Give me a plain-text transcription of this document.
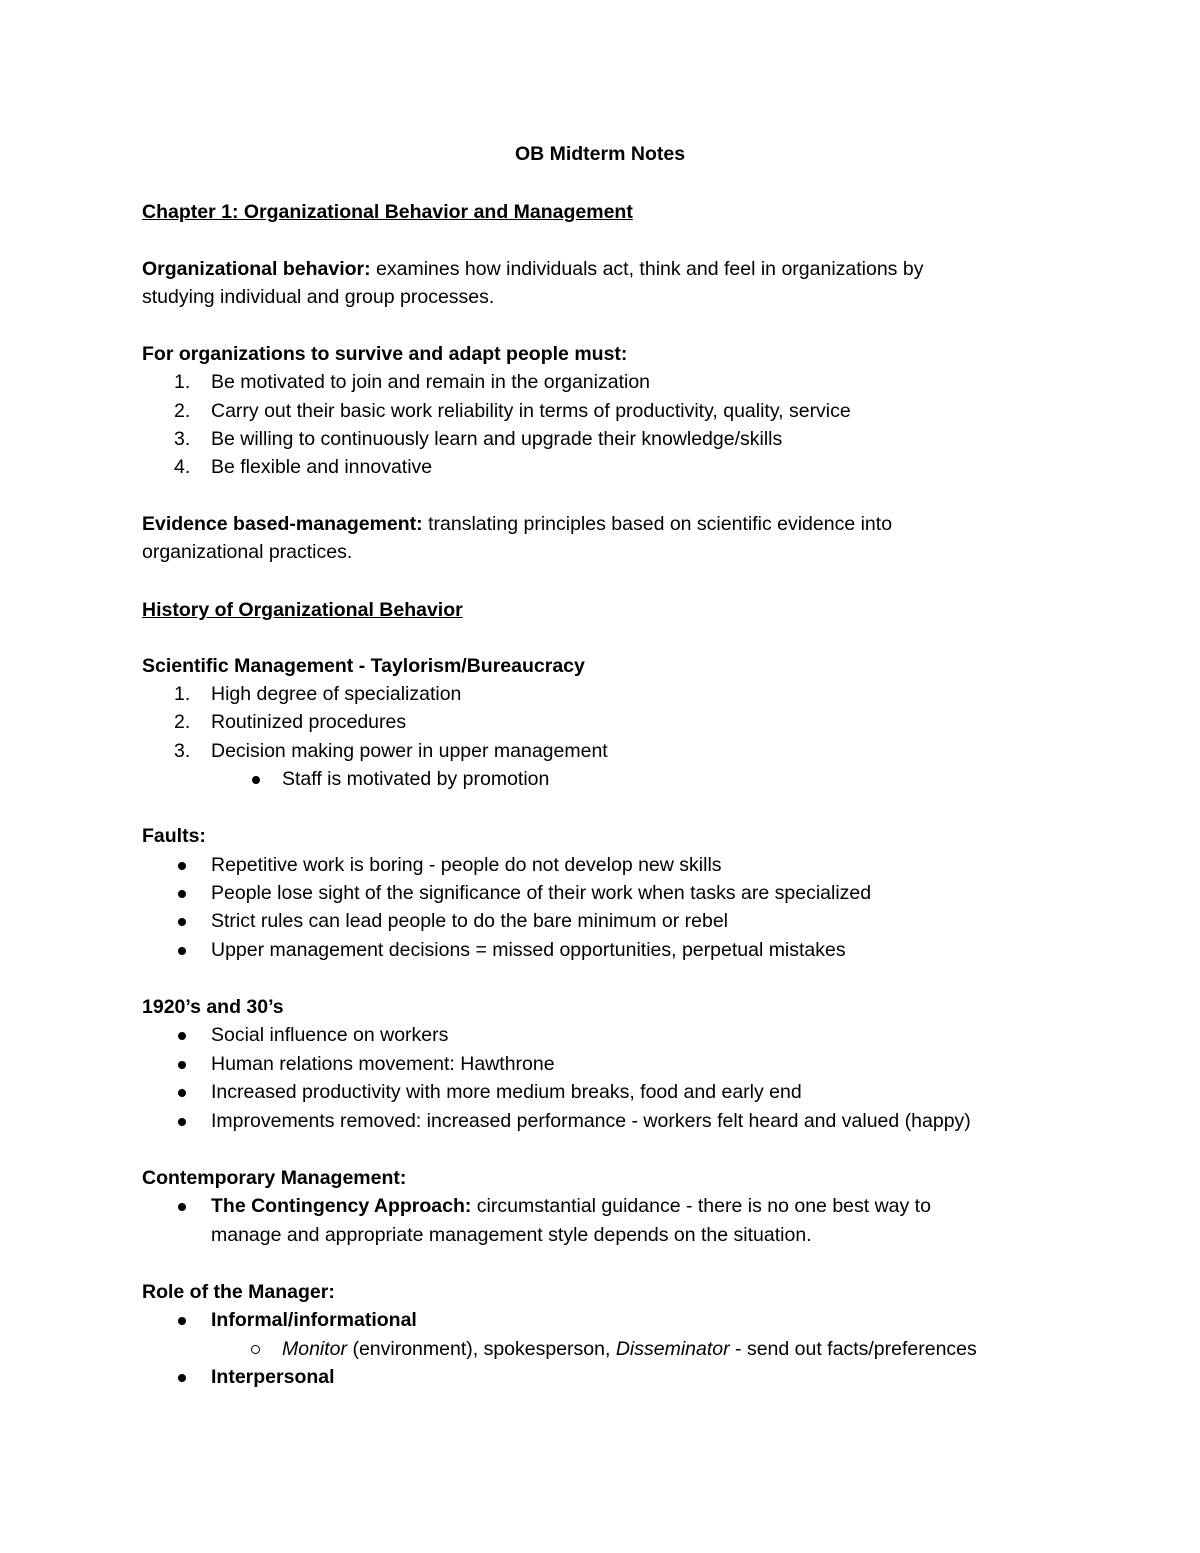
OB Midterm Notes
Chapter 1: Organizational Behavior and Management
Organizational behavior: examines how individuals act, think and feel in organizations by
studying individual and group processes.
For organizations to survive and adapt people must:
1.	Be motivated to join and remain in the organization
2.	Carry out their basic work reliability in terms of productivity, quality, service
3.	Be willing to continuously learn and upgrade their knowledge/skills
4.	Be flexible and innovative
Evidence based-management: translating principles based on scientific evidence into
organizational practices.
History of Organizational Behavior
Scientific Management - Taylorism/Bureaucracy
1.	High degree of specialization
2.	Routinized procedures
3.	Decision making power in upper management
Staff is motivated by promotion
Faults:
Repetitive work is boring - people do not develop new skills
People lose sight of the significance of their work when tasks are specialized
Strict rules can lead people to do the bare minimum or rebel
Upper management decisions = missed opportunities, perpetual mistakes
1920’s and 30’s
Social influence on workers
Human relations movement: Hawthrone
Increased productivity with more medium breaks, food and early end
Improvements removed: increased performance - workers felt heard and valued (happy)
Contemporary Management:
The Contingency Approach: circumstantial guidance - there is no one best way to
manage and appropriate management style depends on the situation.
Role of the Manager:
Informal/informational
Monitor (environment), spokesperson, Disseminator - send out facts/preferences
Interpersonal
